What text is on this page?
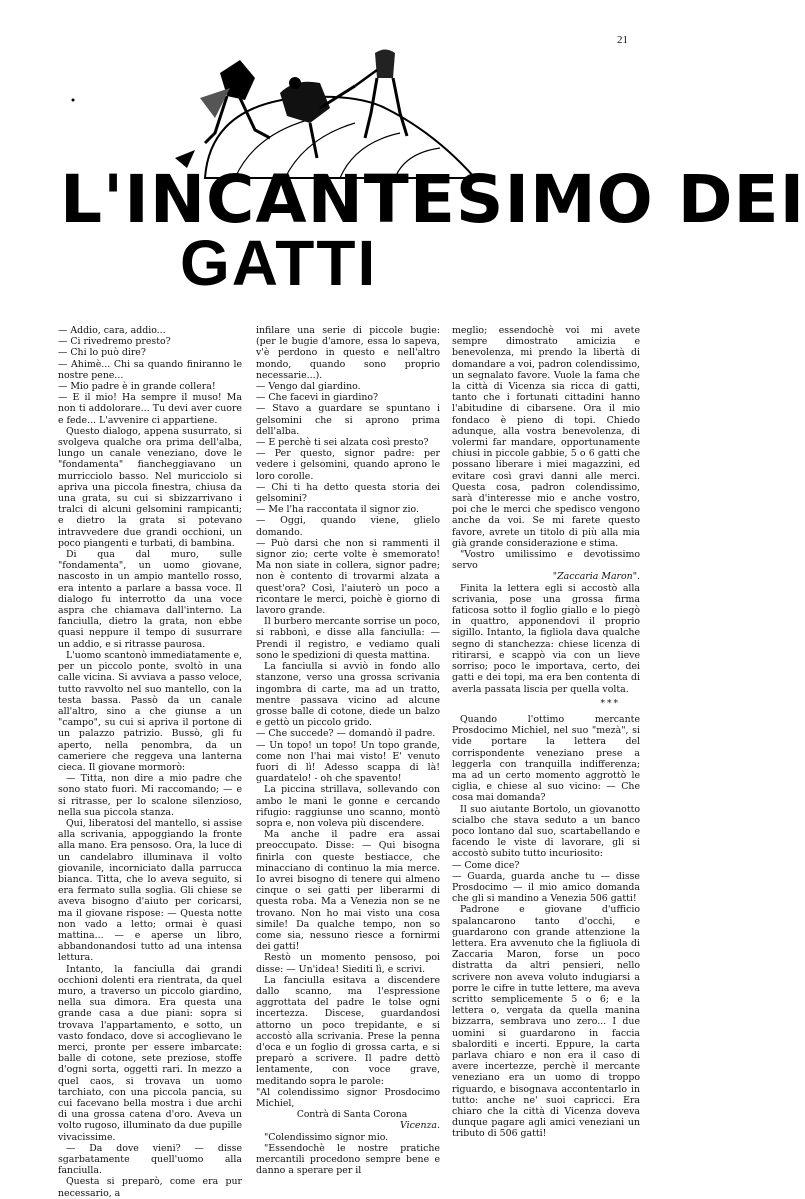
21
L'INCANTESIMO DEI
GATTI

— Addio, cara, addio...

— Ci rivedremo presto?

— Chi lo può dire?

— Ahimè... Chi sa quando finiranno le nostre pene...

— Mio padre è in grande collera!

— E il mio! Ha sempre il muso! Ma non ti addolorare... Tu devi aver cuore e fede... L'avvenire ci appartiene.

Questo dialogo, appena susurrato, si svolgeva qualche ora prima dell'alba, lungo un canale veneziano, dove le "fondamenta" fiancheggiavano un murricciolo basso. Nel muricciolo si apriva una piccola finestra, chiusa da una grata, su cui si sbizzarrivano i tralci di alcuni gelsomini rampicanti; e dietro la grata si potevano intravvedere due grandi occhioni, un poco piangenti e turbati, di bambina.

Di qua dal muro, sulle "fondamenta", un uomo giovane, nascosto in un ampio mantello rosso, era intento a parlare a bassa voce. Il dialogo fu interrotto da una voce aspra che chiamava dall'interno. La fanciulla, dietro la grata, non ebbe quasi neppure il tempo di susurrare un addio, e si ritrasse paurosa.

L'uomo scantonò immediatamente e, per un piccolo ponte, svoltò in una calle vicina. Si avviava a passo veloce, tutto ravvolto nel suo mantello, con la testa bassa. Passò da un canale all'altro, sino a che giunse a un "campo", su cui si apriva il portone di un palazzo patrizio. Bussò, gli fu aperto, nella penombra, da un cameriere che reggeva una lanterna cieca. Il giovane mormorò:

— Titta, non dire a mio padre che sono stato fuori. Mi raccomando; — e si ritrasse, per lo scalone silenzioso, nella sua piccola stanza.

Qui, liberatosi del mantello, si assise alla scrivania, appoggiando la fronte alla mano. Era pensoso. Ora, la luce di un candelabro illuminava il volto giovanile, incorniciato dalla parrucca bianca. Titta, che lo aveva seguito, si era fermato sulla soglia. Gli chiese se aveva bisogno d'aiuto per coricarsi, ma il giovane rispose: — Questa notte non vado a letto; ormai è quasi mattina... — e aperse un libro, abbandonandosi tutto ad una intensa lettura.

Intanto, la fanciulla dai grandi occhioni dolenti era rientrata, da quel muro, a traverso un piccolo giardino, nella sua dimora. Era questa una grande casa a due piani: sopra si trovava l'appartamento, e sotto, un vasto fondaco, dove si accoglievano le merci, pronte per essere imbarcate: balle di cotone, sete preziose, stoffe d'ogni sorta, oggetti rari. In mezzo a quel caos, si trovava un uomo tarchiato, con una piccola pancia, su cui facevano bella mostra i due archi di una grossa catena d'oro. Aveva un volto rugoso, illuminato da due pupille vivacissime.

— Da dove vieni? — disse sgarbatamente quell'uomo alla fanciulla.

Questa si preparò, come era pur necessario, a

infilare una serie di piccole bugie: (per le bugie d'amore, essa lo sapeva, v'è perdono in questo e nell'altro mondo, quando sono proprio necessarie...).

— Vengo dal giardino.

— Che facevi in giardino?

— Stavo a guardare se spuntano i gelsomini che si aprono prima dell'alba.

— E perchè ti sei alzata così presto?

— Per questo, signor padre: per vedere i gelsomini, quando aprono le loro corolle.

— Chi ti ha detto questa storia dei gelsomini?

— Me l'ha raccontata il signor zio.

— Oggi, quando viene, glielo domando.

— Può darsi che non si rammenti il signor zio; certe volte è smemorato! Ma non siate in collera, signor padre; non è contento di trovarmi alzata a quest'ora? Così, l'aiuterò un poco a ricontare le merci, poichè è giorno di lavoro grande.

Il burbero mercante sorrise un poco, si rabbonì, e disse alla fanciulla: — Prendi il registro, e vediamo quali sono le spedizioni di questa mattina.

La fanciulla si avviò in fondo allo stanzone, verso una grossa scrivania ingombra di carte, ma ad un tratto, mentre passava vicino ad alcune grosse balle di cotone, diede un balzo e gettò un piccolo grido.

— Che succede? — domandò il padre.

— Un topo! un topo! Un topo grande, come non l'hai mai visto! E' venuto fuori di lì! Adesso scappa di là! guardatelo! - oh che spavento!

La piccina strillava, sollevando con ambo le mani le gonne e cercando rifugio: raggiunse uno scanno, montò sopra e, non voleva più discendere.

Ma anche il padre era assai preoccupato. Disse: — Qui bisogna finirla con queste bestiacce, che minacciano di continuo la mia merce. Io avrei bisogno di tenere qui almeno cinque o sei gatti per liberarmi di questa roba. Ma a Venezia non se ne trovano. Non ho mai visto una cosa simile! Da qualche tempo, non so come sia, nessuno riesce a fornirmi dei gatti!

Restò un momento pensoso, poi disse: — Un'idea! Siediti lì, e scrivi.

La fanciulla esitava a discendere dallo scanno, ma l'espressione aggrottata del padre le tolse ogni incertezza. Discese, guardandosi attorno un poco trepidante, e si accostò alla scrivania. Prese la penna d'oca e un foglio di grossa carta, e si preparò a scrivere. Il padre dettò lentamente, con voce grave, meditando sopra le parole:

"Al colendissimo signor Prosdocimo Michiel,

Contrà di Santa Corona

Vicenza.

"Colendissimo signor mio.

"Essendochè le nostre pratiche mercantili procedono sempre bene e danno a sperare per il

meglio; essendochè voi mi avete sempre dimostrato amicizia e benevolenza, mi prendo la libertà di domandare a voi, padron colendissimo, un segnalato favore. Vuole la fama che la città di Vicenza sia ricca di gatti, tanto che i fortunati cittadini hanno l'abitudine di cibarsene. Ora il mio fondaco è pieno di topi. Chiedo adunque, alla vostra benevolenza, di volermi far mandare, opportunamente chiusi in piccole gabbie, 5 o 6 gatti che possano liberare i miei magazzini, ed evitare così gravi danni alle merci. Questa cosa, padron colendissimo, sarà d'interesse mio e anche vostro, poi che le merci che spedisco vengono anche da voi. Se mi farete questo favore, avrete un titolo di più alla mia già grande considerazione e stima.

"Vostro umilissimo e devotissimo servo

"Zaccaria Maron".

Finita la lettera egli si accostò alla scrivania, pose una grossa firma faticosa sotto il foglio giallo e lo piegò in quattro, apponendovi il proprio sigillo. Intanto, la figliola dava qualche segno di stanchezza: chiese licenza di ritirarsi, e scappò via con un lieve sorriso; poco le importava, certo, dei gatti e dei topi, ma era ben contenta di averla passata liscia per quella volta.

***

Quando l'ottimo mercante Prosdocimo Michiel, nel suo "mezà", si vide portare la lettera del corrispondente veneziano prese a leggerla con tranquilla indifferenza; ma ad un certo momento aggrottò le ciglia, e chiese al suo vicino: — Che cosa mai domanda?

Il suo aiutante Bortolo, un giovanotto scialbo che stava seduto a un banco poco lontano dal suo, scartabellando e facendo le viste di lavorare, gli si accostò subito tutto incuriosito:

— Come dice?

— Guarda, guarda anche tu — disse Prosdocimo — il mio amico domanda che gli si mandino a Venezia 506 gatti!

Padrone e giovane d'ufficio spalancarono tanto d'occhi, e guardarono con grande attenzione la lettera. Era avvenuto che la figliuola di Zaccaria Maron, forse un poco distratta da altri pensieri, nello scrivere non aveva voluto indugiarsi a porre le cifre in tutte lettere, ma aveva scritto semplicemente 5 o 6; e la lettera o, vergata da quella manina bizzarra, sembrava uno zero... I due uomini si guardarono in faccia sbalorditi e incerti. Eppure, la carta parlava chiaro e non era il caso di avere incertezze, perchè il mercante veneziano era un uomo di troppo riguardo, e bisognava accontentarlo in tutto: anche ne' suoi capricci. Era chiaro che la città di Vicenza doveva dunque pagare agli amici veneziani un tributo di 506 gatti!
